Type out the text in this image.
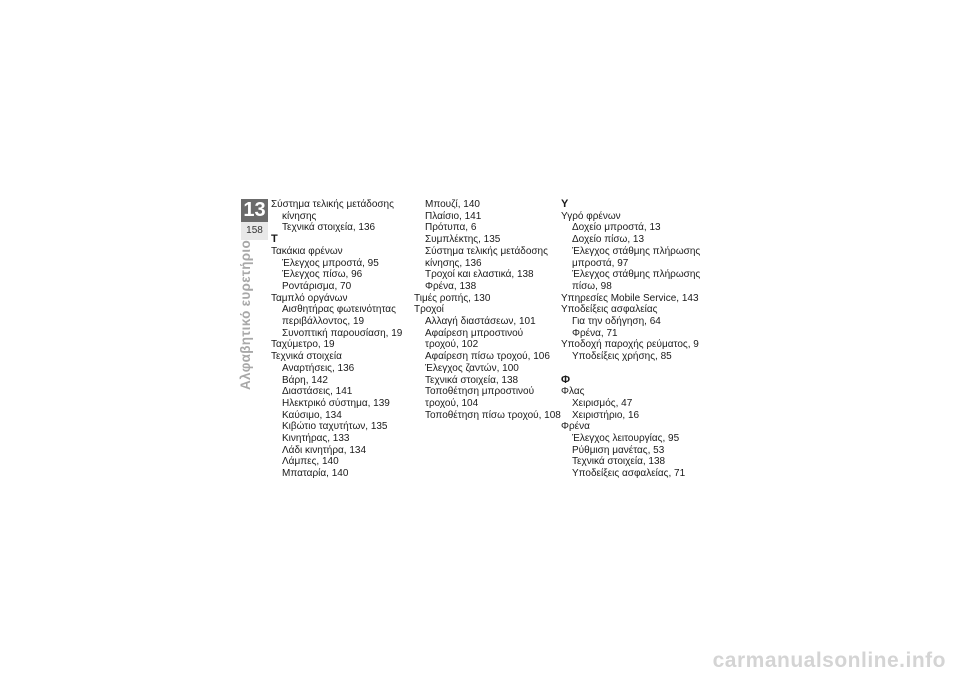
13
158
Αλφαβητικό ευρετήριο
Σύστημα τελικής μετάδοσης
κίνησης
Τεχνικά στοιχεία, 136
Τ
Τακάκια φρένων
Έλεγχος μπροστά, 95
Έλεγχος πίσω, 96
Ροντάρισμα, 70
Ταμπλό οργάνων
Αισθητήρας φωτεινότητας
περιβάλλοντος, 19
Συνοπτική παρουσίαση, 19
Ταχύμετρο, 19
Τεχνικά στοιχεία
Αναρτήσεις, 136
Βάρη, 142
Διαστάσεις, 141
Ηλεκτρικό σύστημα, 139
Καύσιμο, 134
Κιβώτιο ταχυτήτων, 135
Κινητήρας, 133
Λάδι κινητήρα, 134
Λάμπες, 140
Μπαταρία, 140
Μπουζί, 140
Πλαίσιο, 141
Πρότυπα, 6
Συμπλέκτης, 135
Σύστημα τελικής μετάδοσης
κίνησης, 136
Τροχοί και ελαστικά, 138
Φρένα, 138
Τιμές ροπής, 130
Τροχοί
Αλλαγή διαστάσεων, 101
Αφαίρεση μπροστινού
τροχού, 102
Αφαίρεση πίσω τροχού, 106
Έλεγχος ζαντών, 100
Τεχνικά στοιχεία, 138
Τοποθέτηση μπροστινού
τροχού, 104
Τοποθέτηση πίσω τροχού, 108
Υ
Υγρό φρένων
Δοχείο μπροστά, 13
Δοχείο πίσω, 13
Έλεγχος στάθμης πλήρωσης
μπροστά, 97
Έλεγχος στάθμης πλήρωσης
πίσω, 98
Υπηρεσίες Mobile Service, 143
Υποδείξεις ασφαλείας
Για την οδήγηση, 64
Φρένα, 71
Υποδοχή παροχής ρεύματος, 9
Υποδείξεις χρήσης, 85
Φ
Φλας
Χειρισμός, 47
Χειριστήριο, 16
Φρένα
Έλεγχος λειτουργίας, 95
Ρύθμιση μανέτας, 53
Τεχνικά στοιχεία, 138
Υποδείξεις ασφαλείας, 71
carmanualsonline.info
